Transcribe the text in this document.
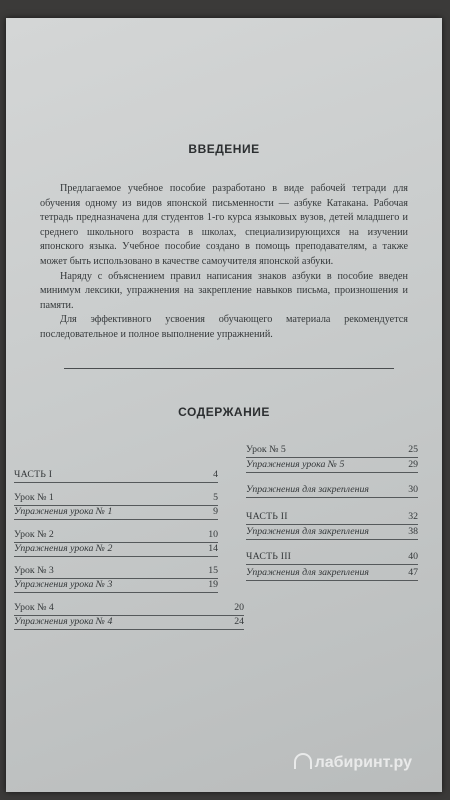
ВВЕДЕНИЕ

Предлагаемое учебное пособие разработано в виде рабочей тетради для обучения одному из видов японской письменности — азбуке Катакана. Рабочая тетрадь предназначена для студентов 1-го курса языковых вузов, детей младшего и среднего школьного возраста в школах, специализирующихся на изучении японского языка. Учебное пособие создано в помощь преподавателям, а также может быть использовано в качестве самоучителя японской азбуки.

Наряду с объяснением правил написания знаков азбуки в пособие введен минимум лексики, упражнения на закрепление навыков письма, произношения и памяти.

Для эффективного усвоения обучающего материала рекомендуется последовательное и полное выполнение упражнений.

СОДЕРЖАНИЕ
ЧАСТЬ I	4
Урок № 1	5
Упражнения урока № 1	9
Урок № 2	10
Упражнения урока № 2	14
Урок № 3	15
Упражнения урока № 3	19
Урок № 4	20
Упражнения урока № 4	24
Урок № 5	25
Упражнения урока № 5	29
Упражнения для закрепления	30
ЧАСТЬ II	32
Упражнения для закрепления	38
ЧАСТЬ III	40
Упражнения для закрепления	47
лабиринт.ру
